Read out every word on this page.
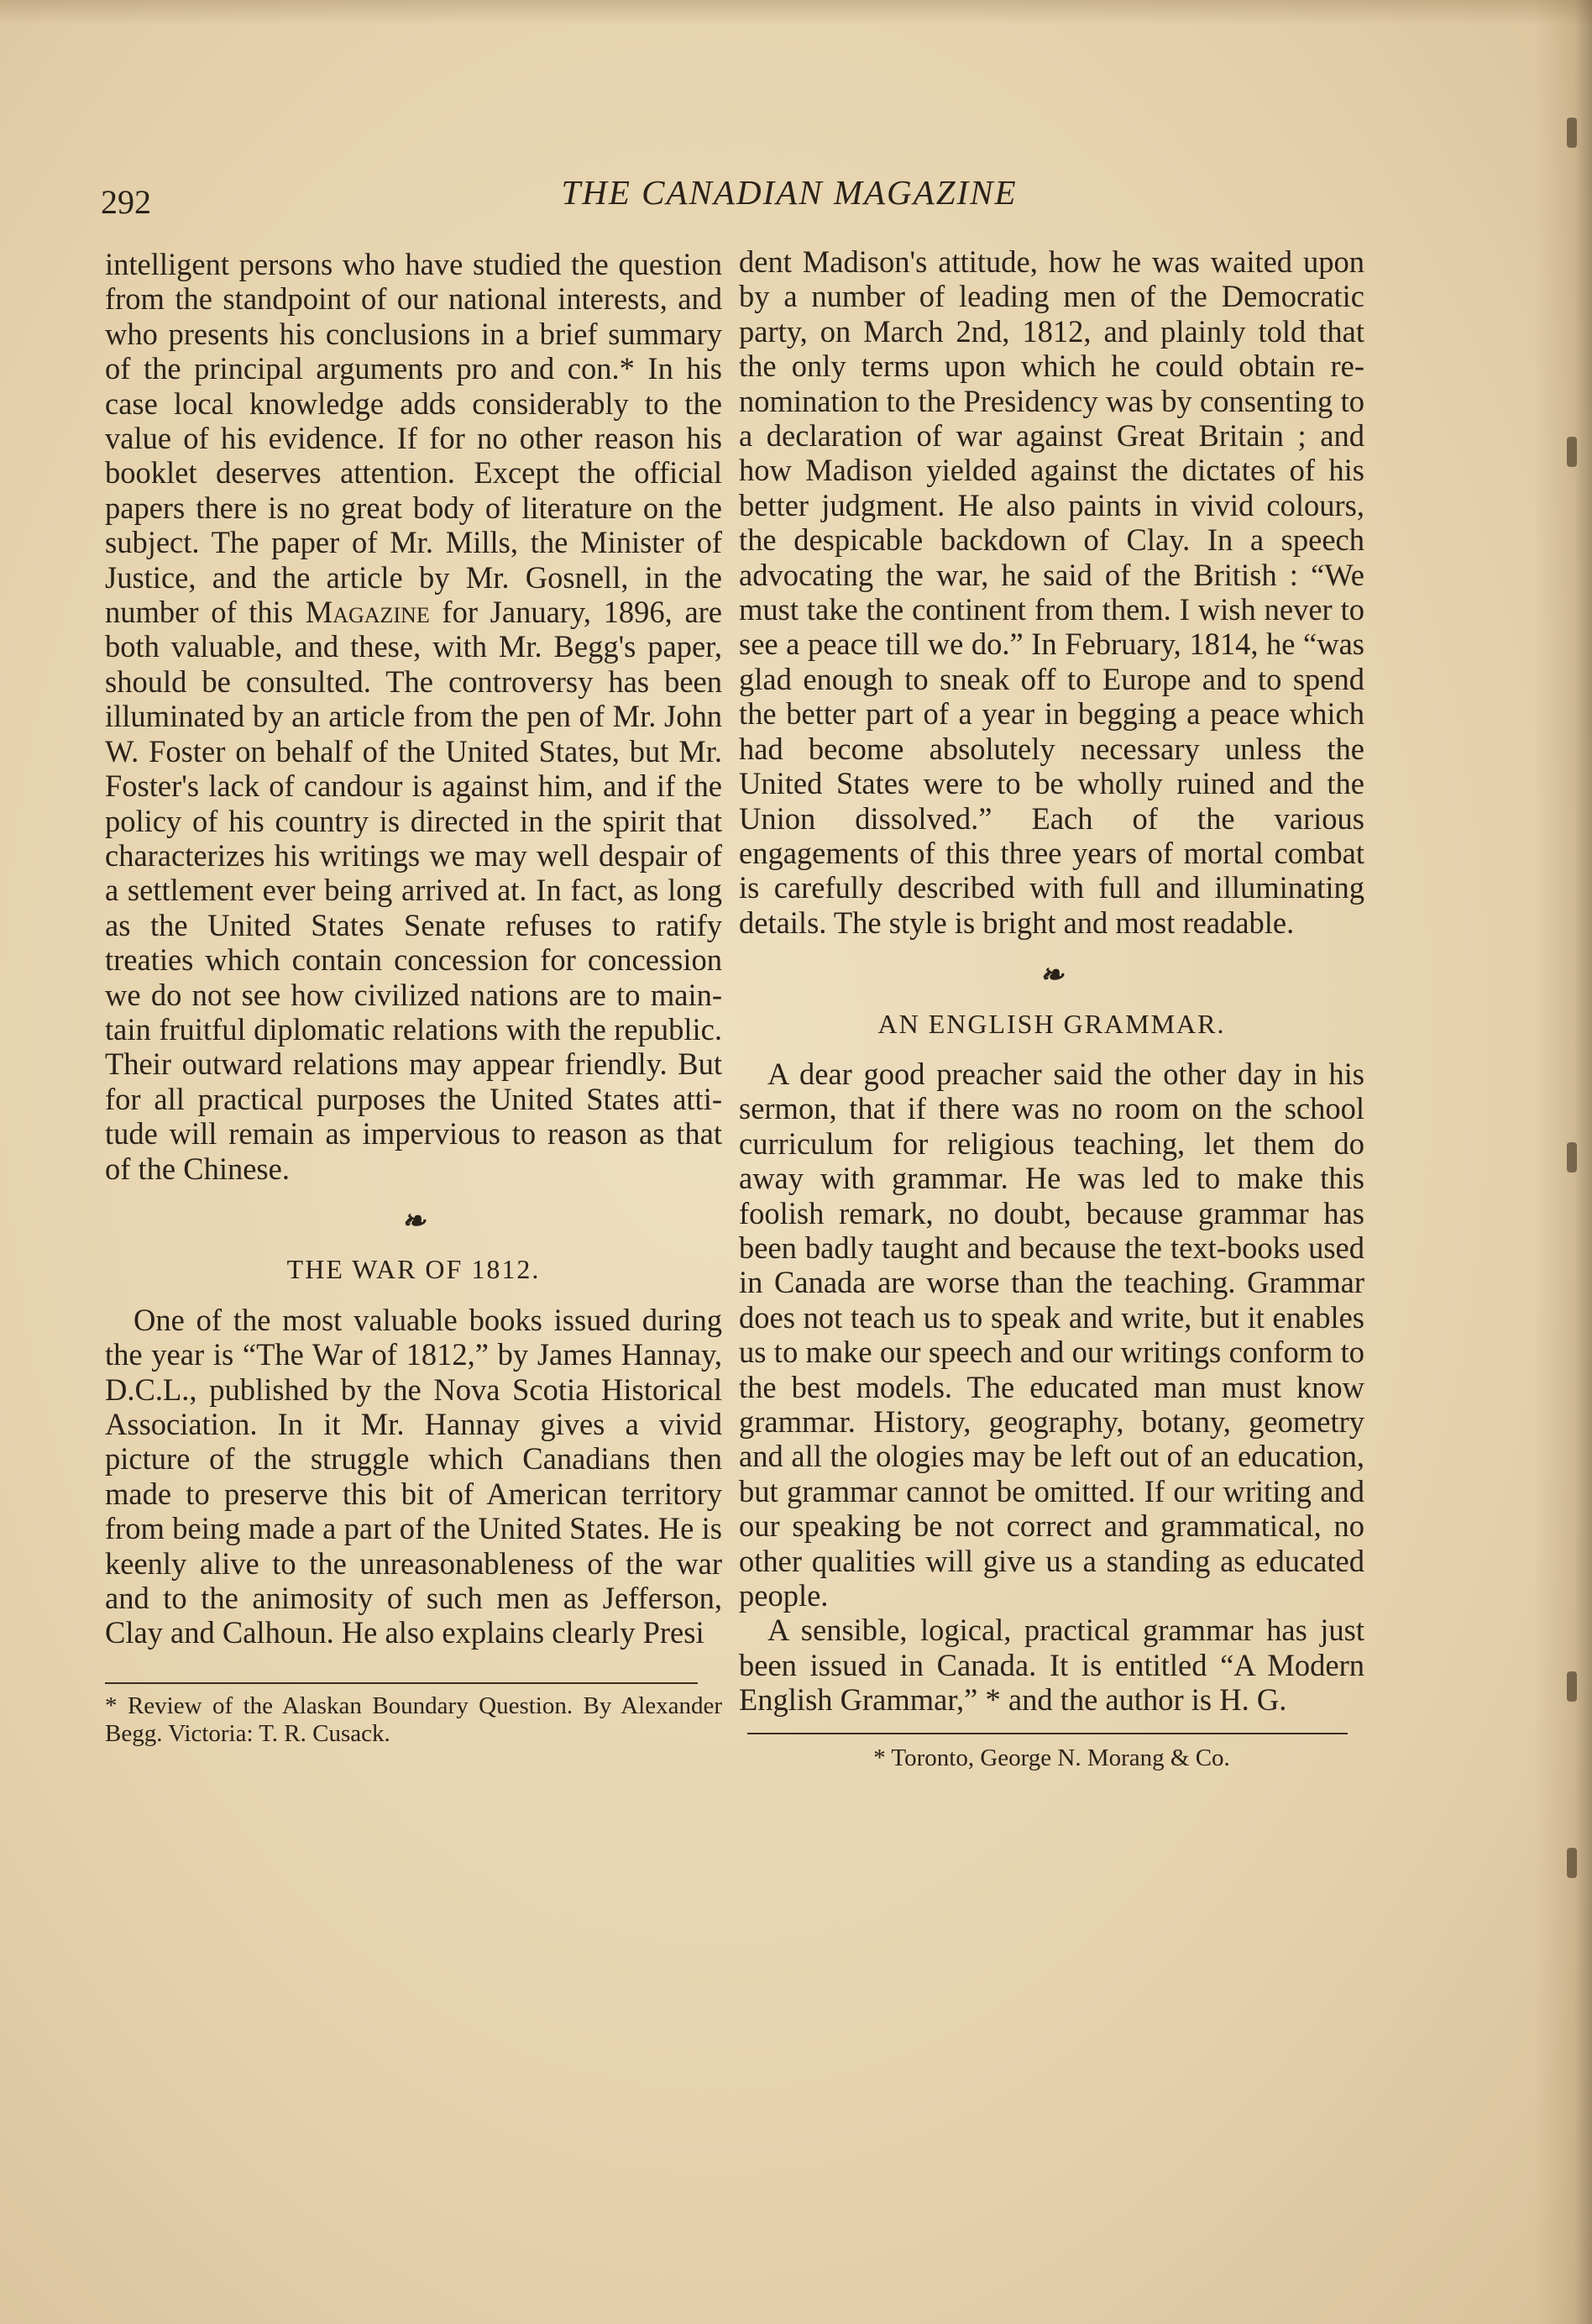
292	THE CANADIAN MAGAZINE

intelligent persons who have studied the question from the standpoint of our national interests, and who presents his conclusions in a brief summary of the principal arguments pro and con.* In his case local knowledge adds considerably to the value of his evidence. If for no other reason his booklet deserves attention. Except the official papers there is no great body of literature on the subject. The paper of Mr. Mills, the Minister of Justice, and the article by Mr. Gosnell, in the number of this Magazine for January, 1896, are both valuable, and these, with Mr. Begg's paper, should be consulted. The controversy has been illuminated by an article from the pen of Mr. John W. Foster on behalf of the United States, but Mr. Foster's lack of candour is against him, and if the policy of his country is directed in the spirit that characterizes his writings we may well despair of a settlement ever being arrived at. In fact, as long as the United States Senate refuses to ratify treaties which contain concession for concession we do not see how civilized nations are to maintain fruitful diplomatic relations with the republic. Their outward relations may appear friendly. But for all practical purposes the United States attitude will remain as impervious to reason as that of the Chinese.

❧
THE WAR OF 1812.

One of the most valuable books issued during the year is “The War of 1812,” by James Hannay, D.C.L., published by the Nova Scotia Historical Association. In it Mr. Hannay gives a vivid picture of the struggle which Canadians then made to preserve this bit of American territory from being made a part of the United States. He is keenly alive to the unreasonableness of the war and to the animosity of such men as Jefferson, Clay and Calhoun. He also explains clearly Presi

* Review of the Alaskan Boundary Question. By Alexander Begg. Victoria: T. R. Cusack.

dent Madison's attitude, how he was waited upon by a number of leading men of the Democratic party, on March 2nd, 1812, and plainly told that the only terms upon which he could obtain re-nomination to the Presidency was by consenting to a declaration of war against Great Britain ; and how Madison yielded against the dictates of his better judgment. He also paints in vivid colours, the despicable backdown of Clay. In a speech advocating the war, he said of the British : “We must take the continent from them. I wish never to see a peace till we do.” In February, 1814, he “was glad enough to sneak off to Europe and to spend the better part of a year in begging a peace which had become absolutely necessary unless the United States were to be wholly ruined and the Union dissolved.” Each of the various engagements of this three years of mortal combat is carefully described with full and illuminating details. The style is bright and most readable.

❧
AN ENGLISH GRAMMAR.

A dear good preacher said the other day in his sermon, that if there was no room on the school curriculum for religious teaching, let them do away with grammar. He was led to make this foolish remark, no doubt, because grammar has been badly taught and because the text-books used in Canada are worse than the teaching. Grammar does not teach us to speak and write, but it enables us to make our speech and our writings conform to the best models. The educated man must know grammar. History, geography, botany, geometry and all the ologies may be left out of an education, but grammar cannot be omitted. If our writing and our speaking be not correct and grammatical, no other qualities will give us a standing as educated people.

A sensible, logical, practical grammar has just been issued in Canada. It is entitled “A Modern English Grammar,” * and the author is H. G.

* Toronto, George N. Morang & Co.
